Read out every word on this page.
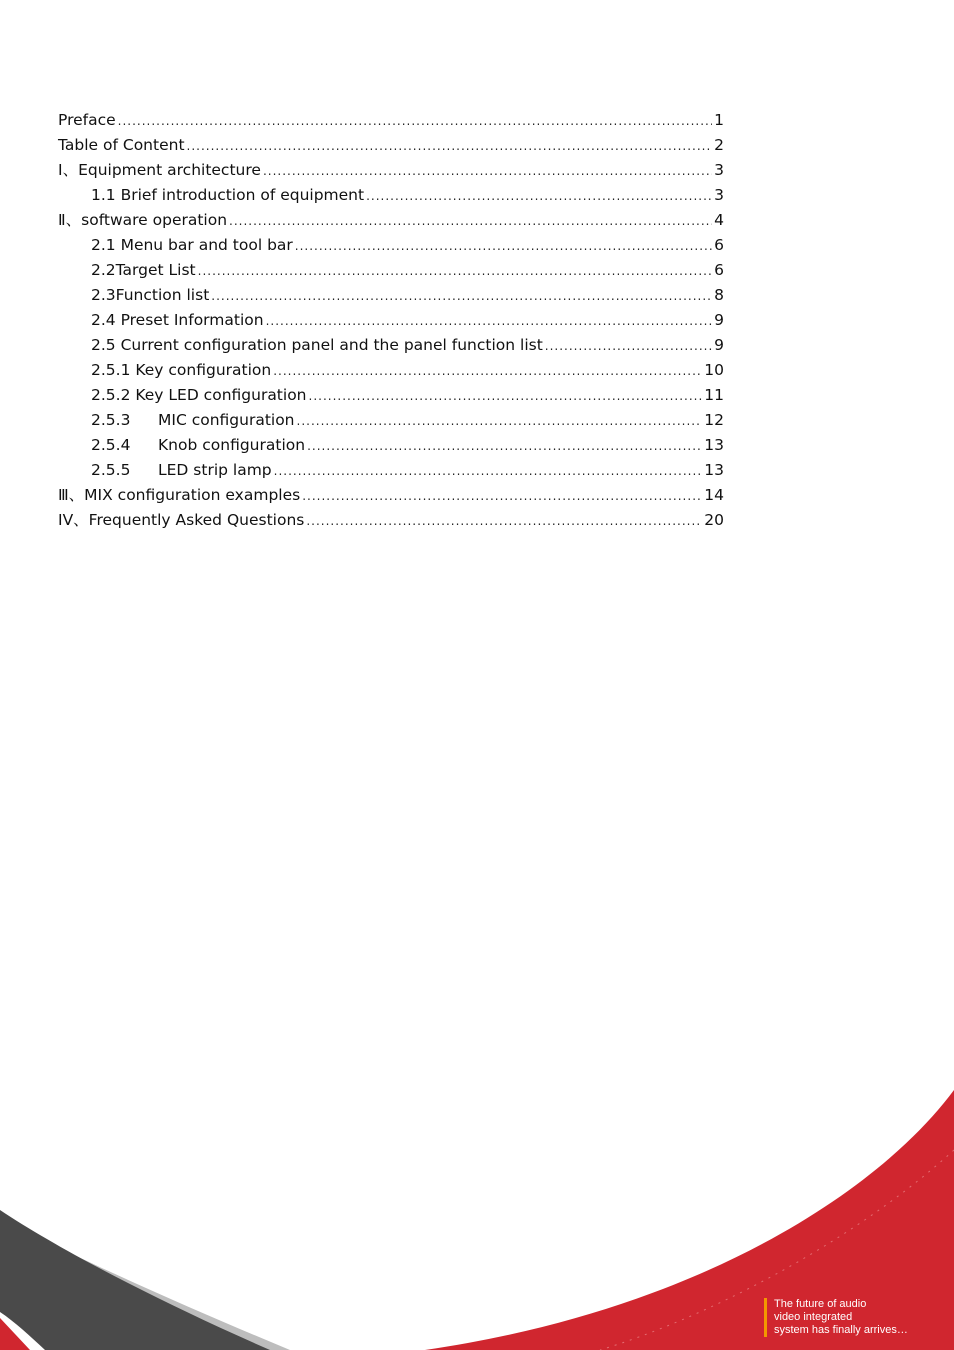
Preface .....	1
Table of Content .....	2
Ⅰ、Equipment architecture .....	3
1.1 Brief introduction of equipment .....	3
Ⅱ、software operation .....	4
2.1 Menu bar and tool bar .....	6
2.2Target List .....	6
2.3Function list .....	8
2.4 Preset Information .....	9
2.5 Current configuration panel and the panel function list .....	9
2.5.1 Key configuration .....	10
2.5.2 Key LED configuration .....	11
2.5.3 MIC configuration .....	12
2.5.4 Knob configuration .....	13
2.5.5 LED strip lamp .....	13
Ⅲ、MIX configuration examples .....	14
IV、Frequently Asked Questions .....	20
The future of audio
video integrated
system has finally arrives…
